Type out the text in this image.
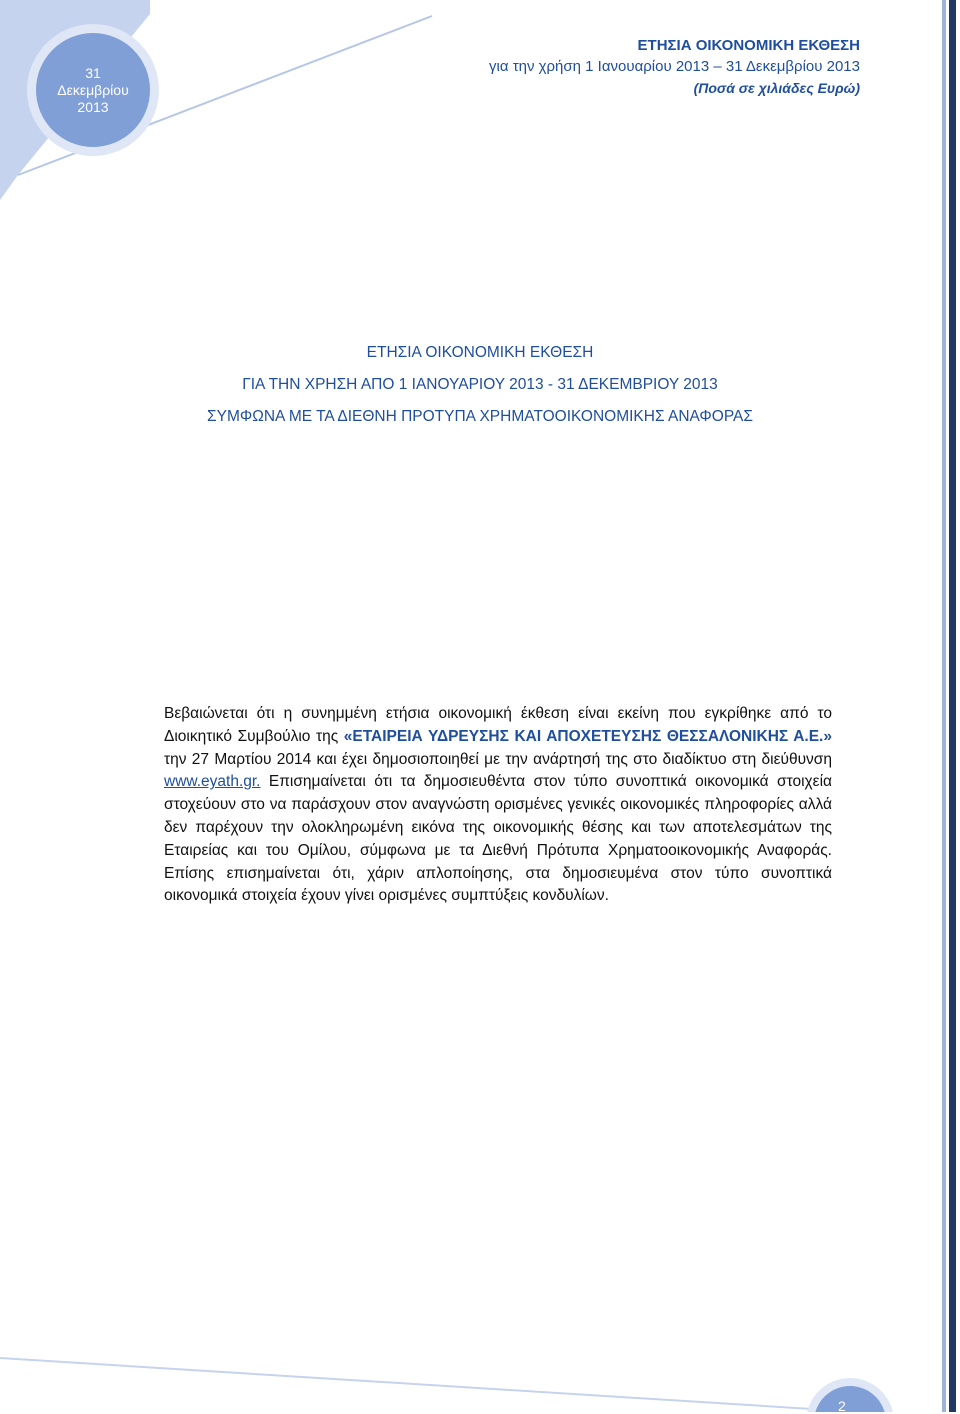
31
Δεκεμβρίου
2013
ΕΤΗΣΙΑ ΟΙΚΟΝΟΜΙΚΗ ΕΚΘΕΣΗ
για την χρήση 1 Ιανουαρίου 2013 – 31 Δεκεμβρίου 2013
(Ποσά σε χιλιάδες Ευρώ)
ΕΤΗΣΙΑ ΟΙΚΟΝΟΜΙΚΗ ΕΚΘΕΣΗ
ΓΙΑ ΤΗΝ ΧΡΗΣΗ ΑΠΟ 1 ΙΑΝΟΥΑΡΙΟΥ 2013 - 31 ΔΕΚΕΜΒΡΙΟΥ 2013
ΣΥΜΦΩΝΑ ΜΕ ΤΑ ΔΙΕΘΝΗ ΠΡΟΤΥΠΑ ΧΡΗΜΑΤΟΟΙΚΟΝΟΜΙΚΗΣ ΑΝΑΦΟΡΑΣ
Βεβαιώνεται ότι η συνημμένη ετήσια οικονομική έκθεση είναι εκείνη που εγκρίθηκε από το Διοικητικό Συμβούλιο της «ΕΤΑΙΡΕΙΑ ΥΔΡΕΥΣΗΣ ΚΑΙ ΑΠΟΧΕΤΕΥΣΗΣ ΘΕΣΣΑΛΟΝΙΚΗΣ Α.Ε.» την 27 Μαρτίου 2014 και έχει δημοσιοποιηθεί με την ανάρτησή της στο διαδίκτυο στη διεύθυνση www.eyath.gr. Επισημαίνεται ότι τα δημοσιευθέντα στον τύπο συνοπτικά οικονομικά στοιχεία στοχεύουν στο να παράσχουν στον αναγνώστη ορισμένες γενικές οικονομικές πληροφορίες αλλά δεν παρέχουν την ολοκληρωμένη εικόνα της οικονομικής θέσης και των αποτελεσμάτων της Εταιρείας και του Ομίλου, σύμφωνα με τα Διεθνή Πρότυπα Χρηματοοικονομικής Αναφοράς. Επίσης επισημαίνεται ότι, χάριν απλοποίησης, στα δημοσιευμένα στον τύπο συνοπτικά οικονομικά στοιχεία έχουν γίνει ορισμένες συμπτύξεις κονδυλίων.
2
